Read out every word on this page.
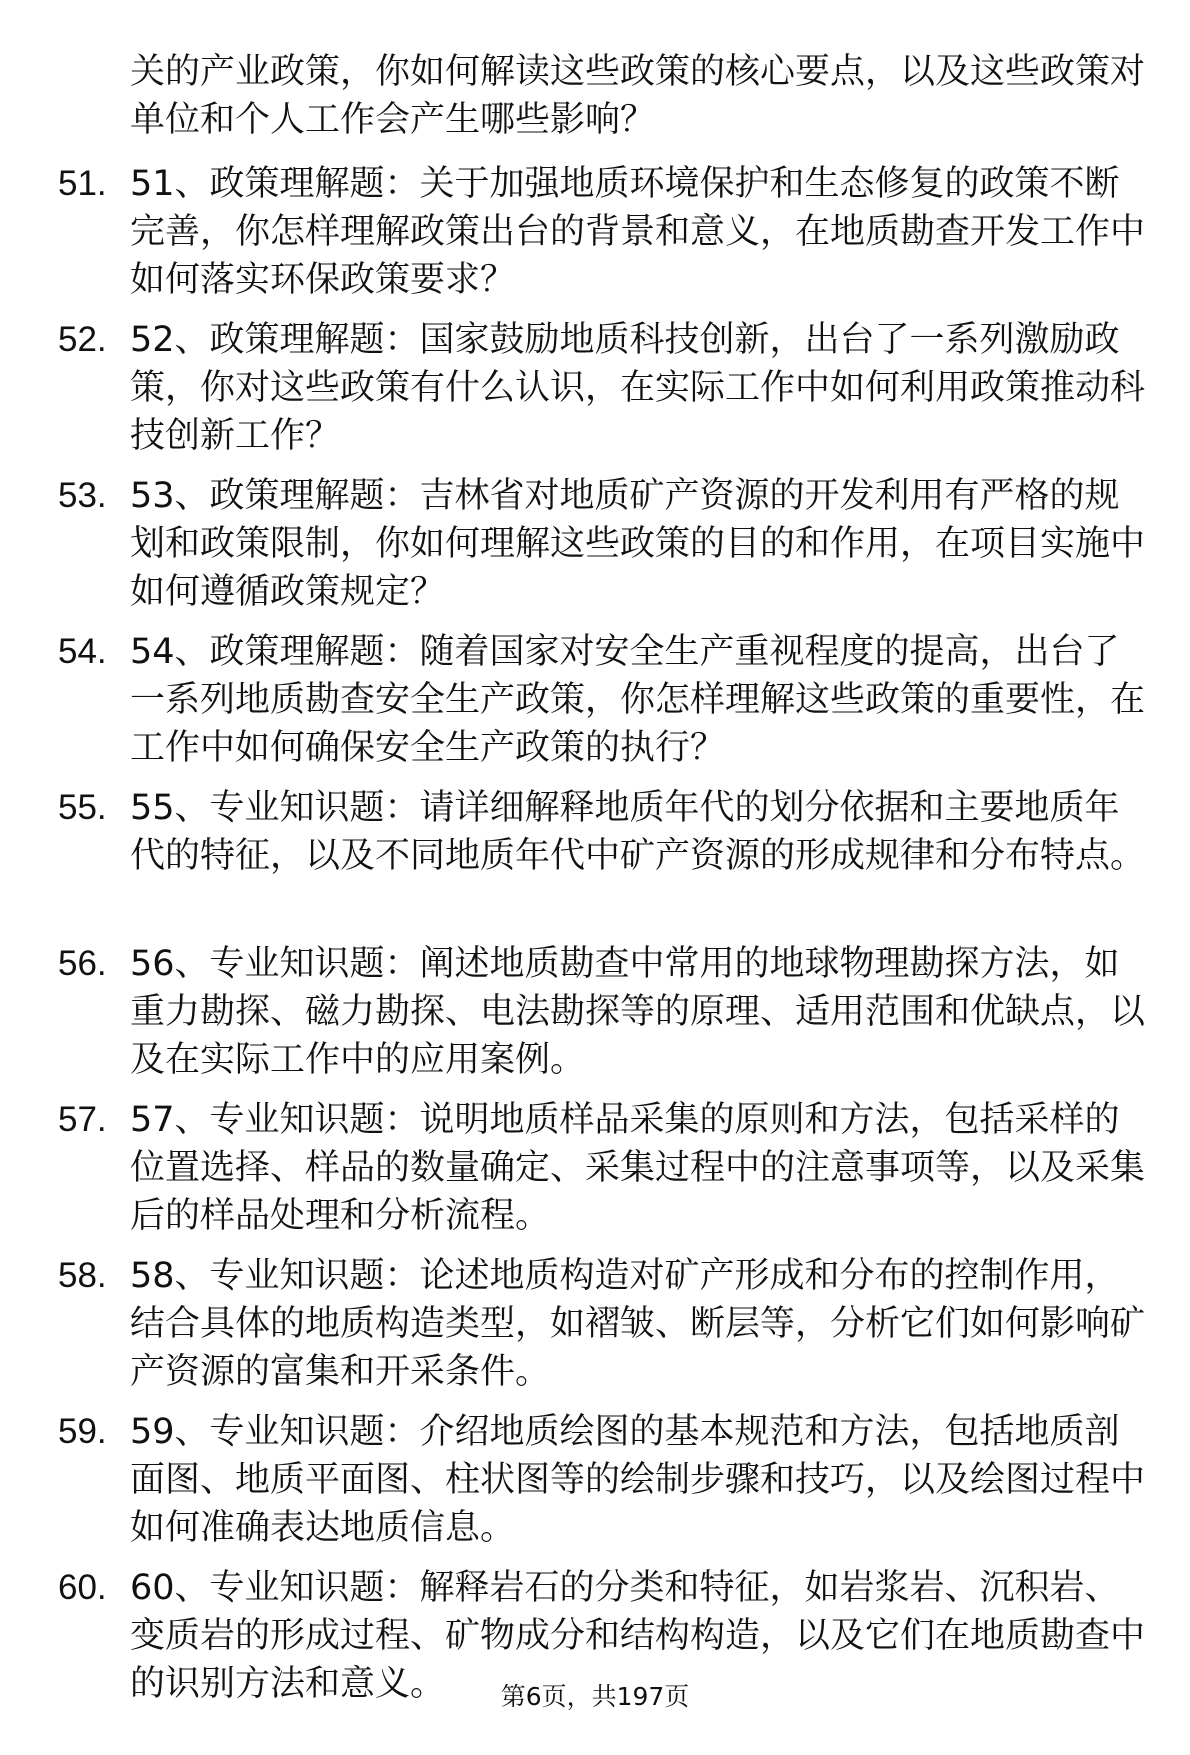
关的产业政策，你如何解读这些政策的核心要点，以及这些政策对单位和个人工作会产生哪些影响？
51. 51、政策理解题：关于加强地质环境保护和生态修复的政策不断完善，你怎样理解政策出台的背景和意义，在地质勘查开发工作中如何落实环保政策要求？
52. 52、政策理解题：国家鼓励地质科技创新，出台了一系列激励政策，你对这些政策有什么认识，在实际工作中如何利用政策推动科技创新工作？
53. 53、政策理解题：吉林省对地质矿产资源的开发利用有严格的规划和政策限制，你如何理解这些政策的目的和作用，在项目实施中如何遵循政策规定？
54. 54、政策理解题：随着国家对安全生产重视程度的提高，出台了一系列地质勘查安全生产政策，你怎样理解这些政策的重要性，在工作中如何确保安全生产政策的执行？
55. 55、专业知识题：请详细解释地质年代的划分依据和主要地质年代的特征，以及不同地质年代中矿产资源的形成规律和分布特点。
56. 56、专业知识题：阐述地质勘查中常用的地球物理勘探方法，如重力勘探、磁力勘探、电法勘探等的原理、适用范围和优缺点，以及在实际工作中的应用案例。
57. 57、专业知识题：说明地质样品采集的原则和方法，包括采样的位置选择、样品的数量确定、采集过程中的注意事项等，以及采集后的样品处理和分析流程。
58. 58、专业知识题：论述地质构造对矿产形成和分布的控制作用，结合具体的地质构造类型，如褶皱、断层等，分析它们如何影响矿产资源的富集和开采条件。
59. 59、专业知识题：介绍地质绘图的基本规范和方法，包括地质剖面图、地质平面图、柱状图等的绘制步骤和技巧，以及绘图过程中如何准确表达地质信息。
60. 60、专业知识题：解释岩石的分类和特征，如岩浆岩、沉积岩、变质岩的形成过程、矿物成分和结构构造，以及它们在地质勘查中的识别方法和意义。	第6页，共197页
